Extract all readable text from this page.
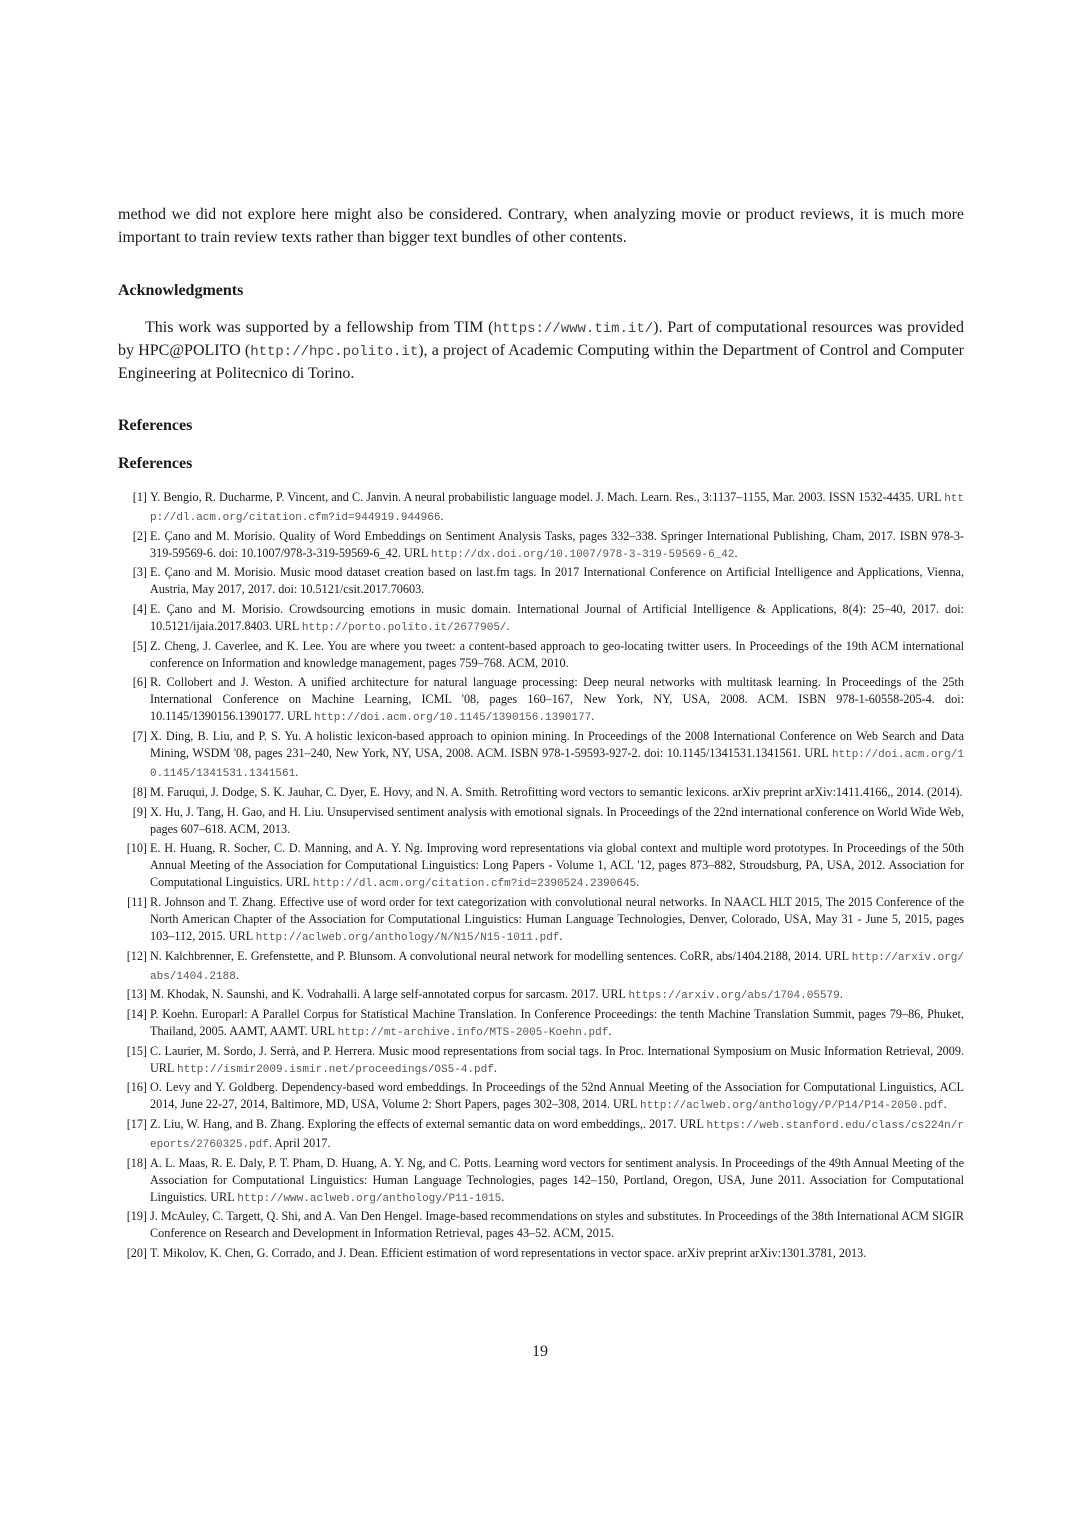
method we did not explore here might also be considered. Contrary, when analyzing movie or product reviews, it is much more important to train review texts rather than bigger text bundles of other contents.

Acknowledgments

This work was supported by a fellowship from TIM (https://www.tim.it/). Part of computational resources was provided by HPC@POLITO (http://hpc.polito.it), a project of Academic Computing within the Department of Control and Computer Engineering at Politecnico di Torino.

References
References
[1] Y. Bengio, R. Ducharme, P. Vincent, and C. Janvin. A neural probabilistic language model. J. Mach. Learn. Res., 3:1137–1155, Mar. 2003. ISSN 1532-4435. URL http://dl.acm.org/citation.cfm?id=944919.944966.
[2] E. Çano and M. Morisio. Quality of Word Embeddings on Sentiment Analysis Tasks, pages 332–338. Springer International Publishing, Cham, 2017. ISBN 978-3-319-59569-6. doi: 10.1007/978-3-319-59569-6_42. URL http://dx.doi.org/10.1007/978-3-319-59569-6_42.
[3] E. Çano and M. Morisio. Music mood dataset creation based on last.fm tags. In 2017 International Conference on Artificial Intelligence and Applications, Vienna, Austria, May 2017, 2017. doi: 10.5121/csit.2017.70603.
[4] E. Çano and M. Morisio. Crowdsourcing emotions in music domain. International Journal of Artificial Intelligence & Applications, 8(4): 25–40, 2017. doi: 10.5121/ijaia.2017.8403. URL http://porto.polito.it/2677905/.
[5] Z. Cheng, J. Caverlee, and K. Lee. You are where you tweet: a content-based approach to geo-locating twitter users. In Proceedings of the 19th ACM international conference on Information and knowledge management, pages 759–768. ACM, 2010.
[6] R. Collobert and J. Weston. A unified architecture for natural language processing: Deep neural networks with multitask learning. In Proceedings of the 25th International Conference on Machine Learning, ICML '08, pages 160–167, New York, NY, USA, 2008. ACM. ISBN 978-1-60558-205-4. doi: 10.1145/1390156.1390177. URL http://doi.acm.org/10.1145/1390156.1390177.
[7] X. Ding, B. Liu, and P. S. Yu. A holistic lexicon-based approach to opinion mining. In Proceedings of the 2008 International Conference on Web Search and Data Mining, WSDM '08, pages 231–240, New York, NY, USA, 2008. ACM. ISBN 978-1-59593-927-2. doi: 10.1145/1341531.1341561. URL http://doi.acm.org/10.1145/1341531.1341561.
[8] M. Faruqui, J. Dodge, S. K. Jauhar, C. Dyer, E. Hovy, and N. A. Smith. Retrofitting word vectors to semantic lexicons. arXiv preprint arXiv:1411.4166,, 2014. (2014).
[9] X. Hu, J. Tang, H. Gao, and H. Liu. Unsupervised sentiment analysis with emotional signals. In Proceedings of the 22nd international conference on World Wide Web, pages 607–618. ACM, 2013.
[10] E. H. Huang, R. Socher, C. D. Manning, and A. Y. Ng. Improving word representations via global context and multiple word prototypes. In Proceedings of the 50th Annual Meeting of the Association for Computational Linguistics: Long Papers - Volume 1, ACL '12, pages 873–882, Stroudsburg, PA, USA, 2012. Association for Computational Linguistics. URL http://dl.acm.org/citation.cfm?id=2390524.2390645.
[11] R. Johnson and T. Zhang. Effective use of word order for text categorization with convolutional neural networks. In NAACL HLT 2015, The 2015 Conference of the North American Chapter of the Association for Computational Linguistics: Human Language Technologies, Denver, Colorado, USA, May 31 - June 5, 2015, pages 103–112, 2015. URL http://aclweb.org/anthology/N/N15/N15-1011.pdf.
[12] N. Kalchbrenner, E. Grefenstette, and P. Blunsom. A convolutional neural network for modelling sentences. CoRR, abs/1404.2188, 2014. URL http://arxiv.org/abs/1404.2188.
[13] M. Khodak, N. Saunshi, and K. Vodrahalli. A large self-annotated corpus for sarcasm. 2017. URL https://arxiv.org/abs/1704.05579.
[14] P. Koehn. Europarl: A Parallel Corpus for Statistical Machine Translation. In Conference Proceedings: the tenth Machine Translation Summit, pages 79–86, Phuket, Thailand, 2005. AAMT, AAMT. URL http://mt-archive.info/MTS-2005-Koehn.pdf.
[15] C. Laurier, M. Sordo, J. Serrà, and P. Herrera. Music mood representations from social tags. In Proc. International Symposium on Music Information Retrieval, 2009. URL http://ismir2009.ismir.net/proceedings/OS5-4.pdf.
[16] O. Levy and Y. Goldberg. Dependency-based word embeddings. In Proceedings of the 52nd Annual Meeting of the Association for Computational Linguistics, ACL 2014, June 22-27, 2014, Baltimore, MD, USA, Volume 2: Short Papers, pages 302–308, 2014. URL http://aclweb.org/anthology/P/P14/P14-2050.pdf.
[17] Z. Liu, W. Hang, and B. Zhang. Exploring the effects of external semantic data on word embeddings,. 2017. URL https://web.stanford.edu/class/cs224n/reports/2760325.pdf. April 2017.
[18] A. L. Maas, R. E. Daly, P. T. Pham, D. Huang, A. Y. Ng, and C. Potts. Learning word vectors for sentiment analysis. In Proceedings of the 49th Annual Meeting of the Association for Computational Linguistics: Human Language Technologies, pages 142–150, Portland, Oregon, USA, June 2011. Association for Computational Linguistics. URL http://www.aclweb.org/anthology/P11-1015.
[19] J. McAuley, C. Targett, Q. Shi, and A. Van Den Hengel. Image-based recommendations on styles and substitutes. In Proceedings of the 38th International ACM SIGIR Conference on Research and Development in Information Retrieval, pages 43–52. ACM, 2015.
[20] T. Mikolov, K. Chen, G. Corrado, and J. Dean. Efficient estimation of word representations in vector space. arXiv preprint arXiv:1301.3781, 2013.
19
